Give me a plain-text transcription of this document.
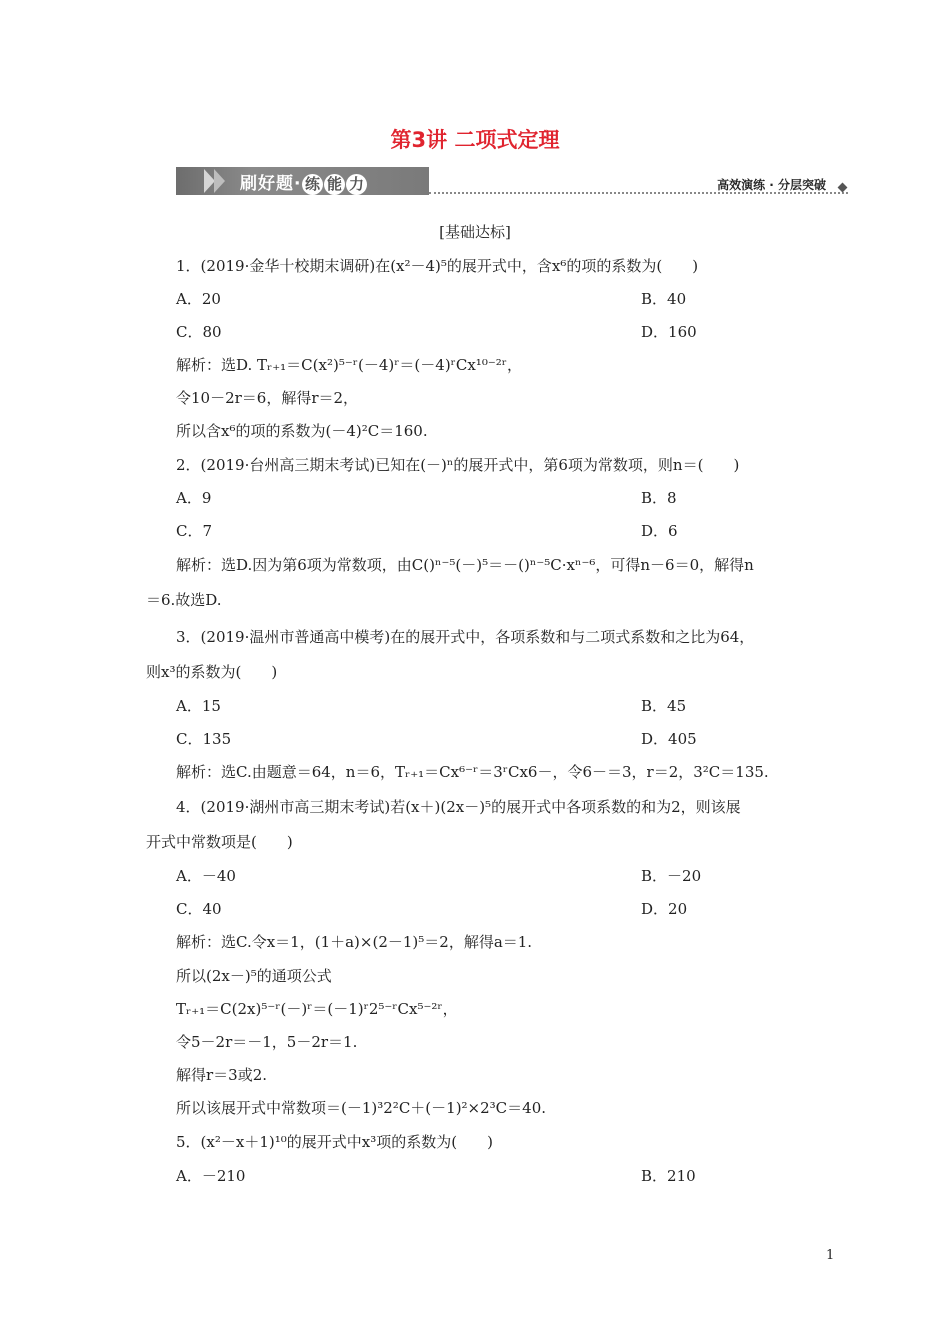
第3讲 二项式定理
刷好题· 练 能 力	高效演练 · 分层突破
[基础达标]
1．(2019·金华十校期末调研)在(x²－4)⁵的展开式中，含x⁶的项的系数为(　　)
A．20	B．40
C．80	D．160
解析：选D. Tᵣ₊₁＝C(x²)⁵⁻ʳ(－4)ʳ＝(－4)ʳCx¹⁰⁻²ʳ，
令10－2r＝6，解得r＝2，
所以含x⁶的项的系数为(－4)²C＝160.
2．(2019·台州高三期末考试)已知在(－)ⁿ的展开式中，第6项为常数项，则n＝(　　)
A．9	B．8
C．7	D．6
解析：选D.因为第6项为常数项，由C()ⁿ⁻⁵(－)⁵＝－()ⁿ⁻⁵C·xⁿ⁻⁶，可得n－6＝0，解得n
＝6.故选D.
3．(2019·温州市普通高中模考)在的展开式中，各项系数和与二项式系数和之比为64，
则x³的系数为(　　)
A．15	B．45
C．135	D．405
解析：选C.由题意＝64，n＝6，Tᵣ₊₁＝Cx⁶⁻ʳ＝3ʳCx6－，令6－＝3，r＝2，3²C＝135.
4．(2019·湖州市高三期末考试)若(x＋)(2x－)⁵的展开式中各项系数的和为2，则该展
开式中常数项是(　　)
A．－40	B．－20
C．40	D．20
解析：选C.令x＝1，(1＋a)×(2－1)⁵＝2，解得a＝1.
所以(2x－)⁵的通项公式
Tᵣ₊₁＝C(2x)⁵⁻ʳ(－)ʳ＝(－1)ʳ2⁵⁻ʳCx⁵⁻²ʳ，
令5－2r＝－1，5－2r＝1.
解得r＝3或2.
所以该展开式中常数项＝(－1)³2²C＋(－1)²×2³C＝40.
5．(x²－x＋1)¹⁰的展开式中x³项的系数为(　　)
A．－210	B．210
1
